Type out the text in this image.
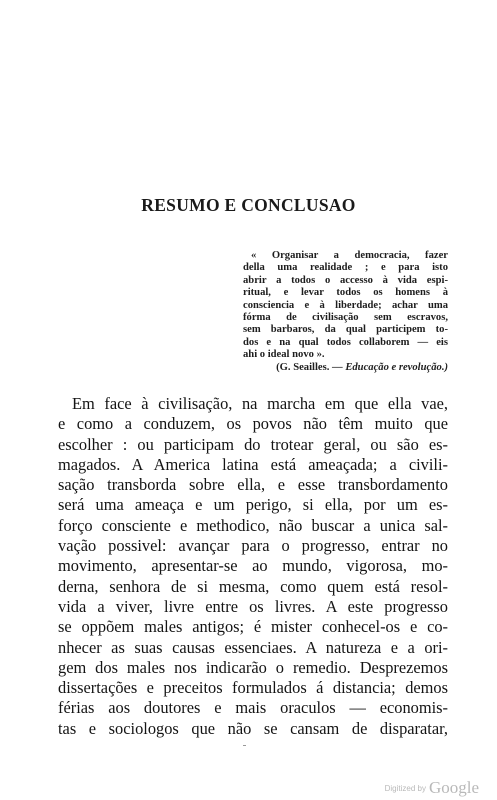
RESUMO E CONCLUSAO
« Organisar a democracia, fazer
della uma realidade ; e para isto
abrir a todos o accesso à vida espi-
ritual, e levar todos os homens à
consciencia e à liberdade; achar uma
fórma de civilisação sem escravos,
sem barbaros, da qual participem to-
dos e na qual todos collaborem — eis
ahi o ideal novo ».
(G. Seailles. — Educação e revolução.)
Em face à civilisação, na marcha em que ella vae,
e como a conduzem, os povos não têm muito que
escolher : ou participam do trotear geral, ou são es-
magados. A America latina está ameaçada; a civili-
sação transborda sobre ella, e esse transbordamento
será uma ameaça e um perigo, si ella, por um es-
forço consciente e methodico, não buscar a unica sal-
vação possivel: avançar para o progresso, entrar no
movimento, apresentar-se ao mundo, vigorosa, mo-
derna, senhora de si mesma, como quem está resol-
vida a viver, livre entre os livres. A este progresso
se oppõem males antigos; é mister conhecel-os e co-
nhecer as suas causas essenciaes. A natureza e a ori-
gem dos males nos indicarão o remedio. Desprezemos
dissertações e preceitos formulados á distancia; demos
férias aos doutores e mais oraculos — economis-
tas e sociologos que não se cansam de disparatar,
Digitized by Google
